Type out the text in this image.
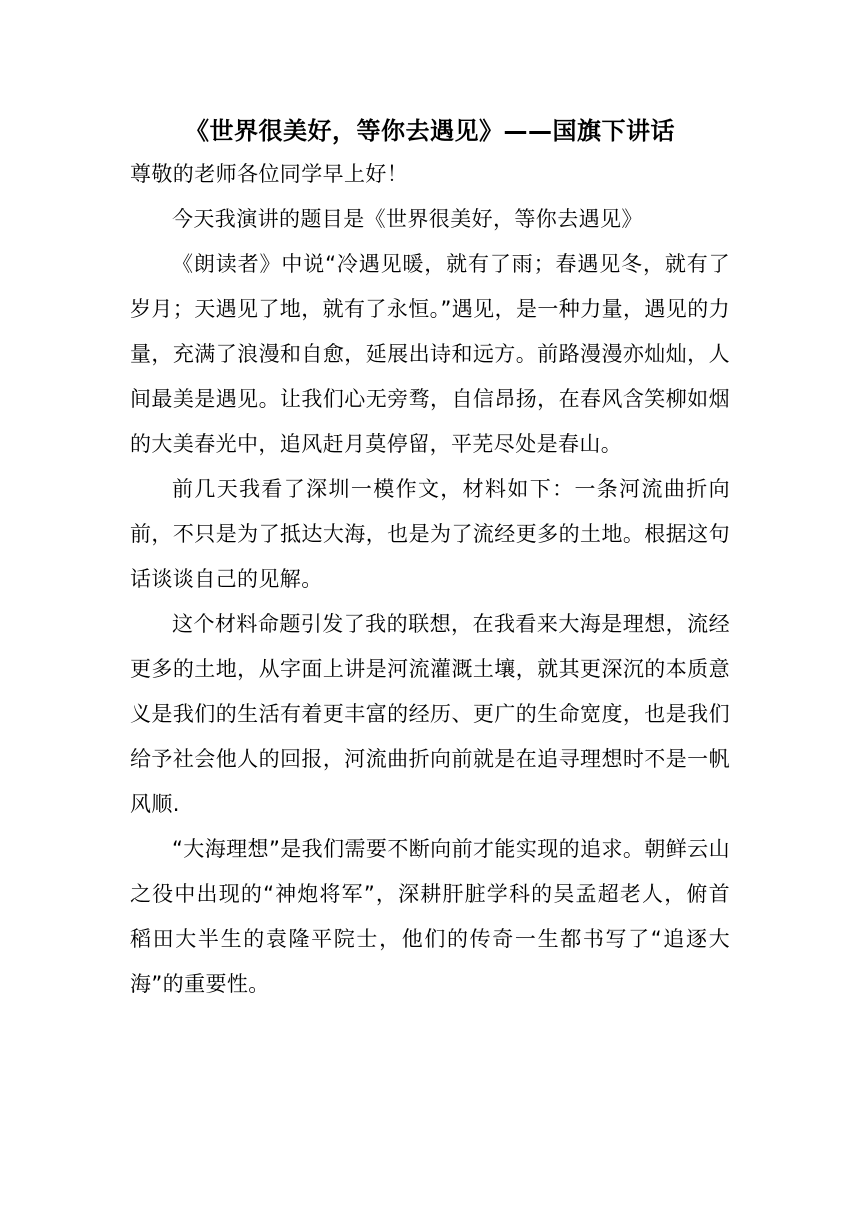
《世界很美好，等你去遇见》——国旗下讲话

尊敬的老师各位同学早上好！

今天我演讲的题目是《世界很美好，等你去遇见》

《朗读者》中说“冷遇见暖，就有了雨；春遇见冬，就有了岁月；天遇见了地，就有了永恒。”遇见，是一种力量，遇见的力量，充满了浪漫和自愈，延展出诗和远方。前路漫漫亦灿灿，人间最美是遇见。让我们心无旁骛，自信昂扬，在春风含笑柳如烟的大美春光中，追风赶月莫停留，平芜尽处是春山。

前几天我看了深圳一模作文，材料如下：一条河流曲折向前，不只是为了抵达大海，也是为了流经更多的土地。根据这句话谈谈自己的见解。

这个材料命题引发了我的联想，在我看来大海是理想，流经更多的土地，从字面上讲是河流灌溉土壤，就其更深沉的本质意义是我们的生活有着更丰富的经历、更广的生命宽度，也是我们给予社会他人的回报，河流曲折向前就是在追寻理想时不是一帆风顺.

“大海理想”是我们需要不断向前才能实现的追求。朝鲜云山之役中出现的“神炮将军”，深耕肝脏学科的吴孟超老人，俯首稻田大半生的袁隆平院士，他们的传奇一生都书写了“追逐大海”的重要性。
